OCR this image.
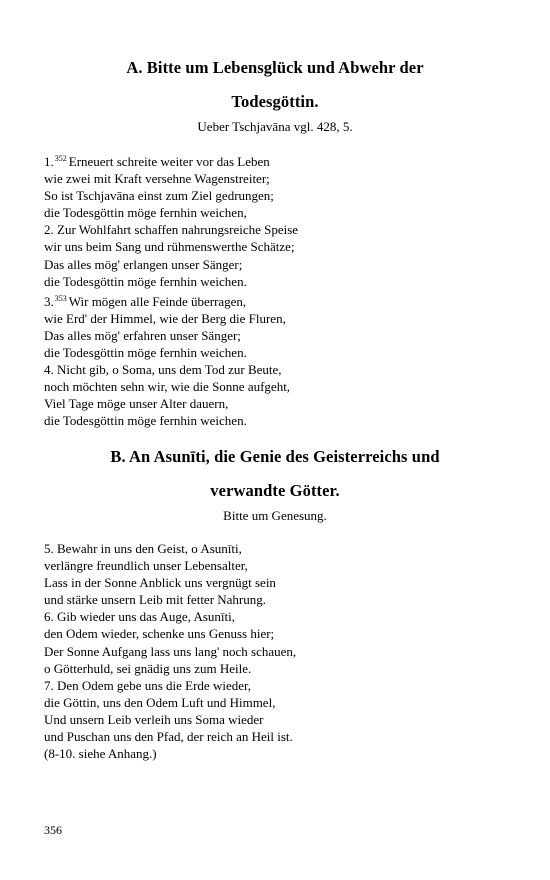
A. Bitte um Lebensglück und Abwehr der
Todesgöttin.
Ueber Tschjavāna vgl. 428, 5.
1.$^{352}$ Erneuert schreite weiter vor das Leben
wie zwei mit Kraft versehne Wagenstreiter;
So ist Tschjavāna einst zum Ziel gedrungen;
die Todesgöttin möge fernhin weichen,
2. Zur Wohlfahrt schaffen nahrungsreiche Speise
wir uns beim Sang und rühmenswerthe Schätze;
Das alles mög' erlangen unser Sänger;
die Todesgöttin möge fernhin weichen.
3.$^{353}$ Wir mögen alle Feinde überragen,
wie Erd' der Himmel, wie der Berg die Fluren,
Das alles mög' erfahren unser Sänger;
die Todesgöttin möge fernhin weichen.
4. Nicht gib, o Soma, uns dem Tod zur Beute,
noch möchten sehn wir, wie die Sonne aufgeht,
Viel Tage möge unser Alter dauern,
die Todesgöttin möge fernhin weichen.
B. An Asunīti, die Genie des Geisterreichs und
verwandte Götter.
Bitte um Genesung.
5. Bewahr in uns den Geist, o Asunīti,
verlängre freundlich unser Lebensalter,
Lass in der Sonne Anblick uns vergnügt sein
und stärke unsern Leib mit fetter Nahrung.
6. Gib wieder uns das Auge, Asunīti,
den Odem wieder, schenke uns Genuss hier;
Der Sonne Aufgang lass uns lang' noch schauen,
o Götterhuld, sei gnädig uns zum Heile.
7. Den Odem gebe uns die Erde wieder,
die Göttin, uns den Odem Luft und Himmel,
Und unsern Leib verleih uns Soma wieder
und Puschan uns den Pfad, der reich an Heil ist.
(8-10. siehe Anhang.)
356
